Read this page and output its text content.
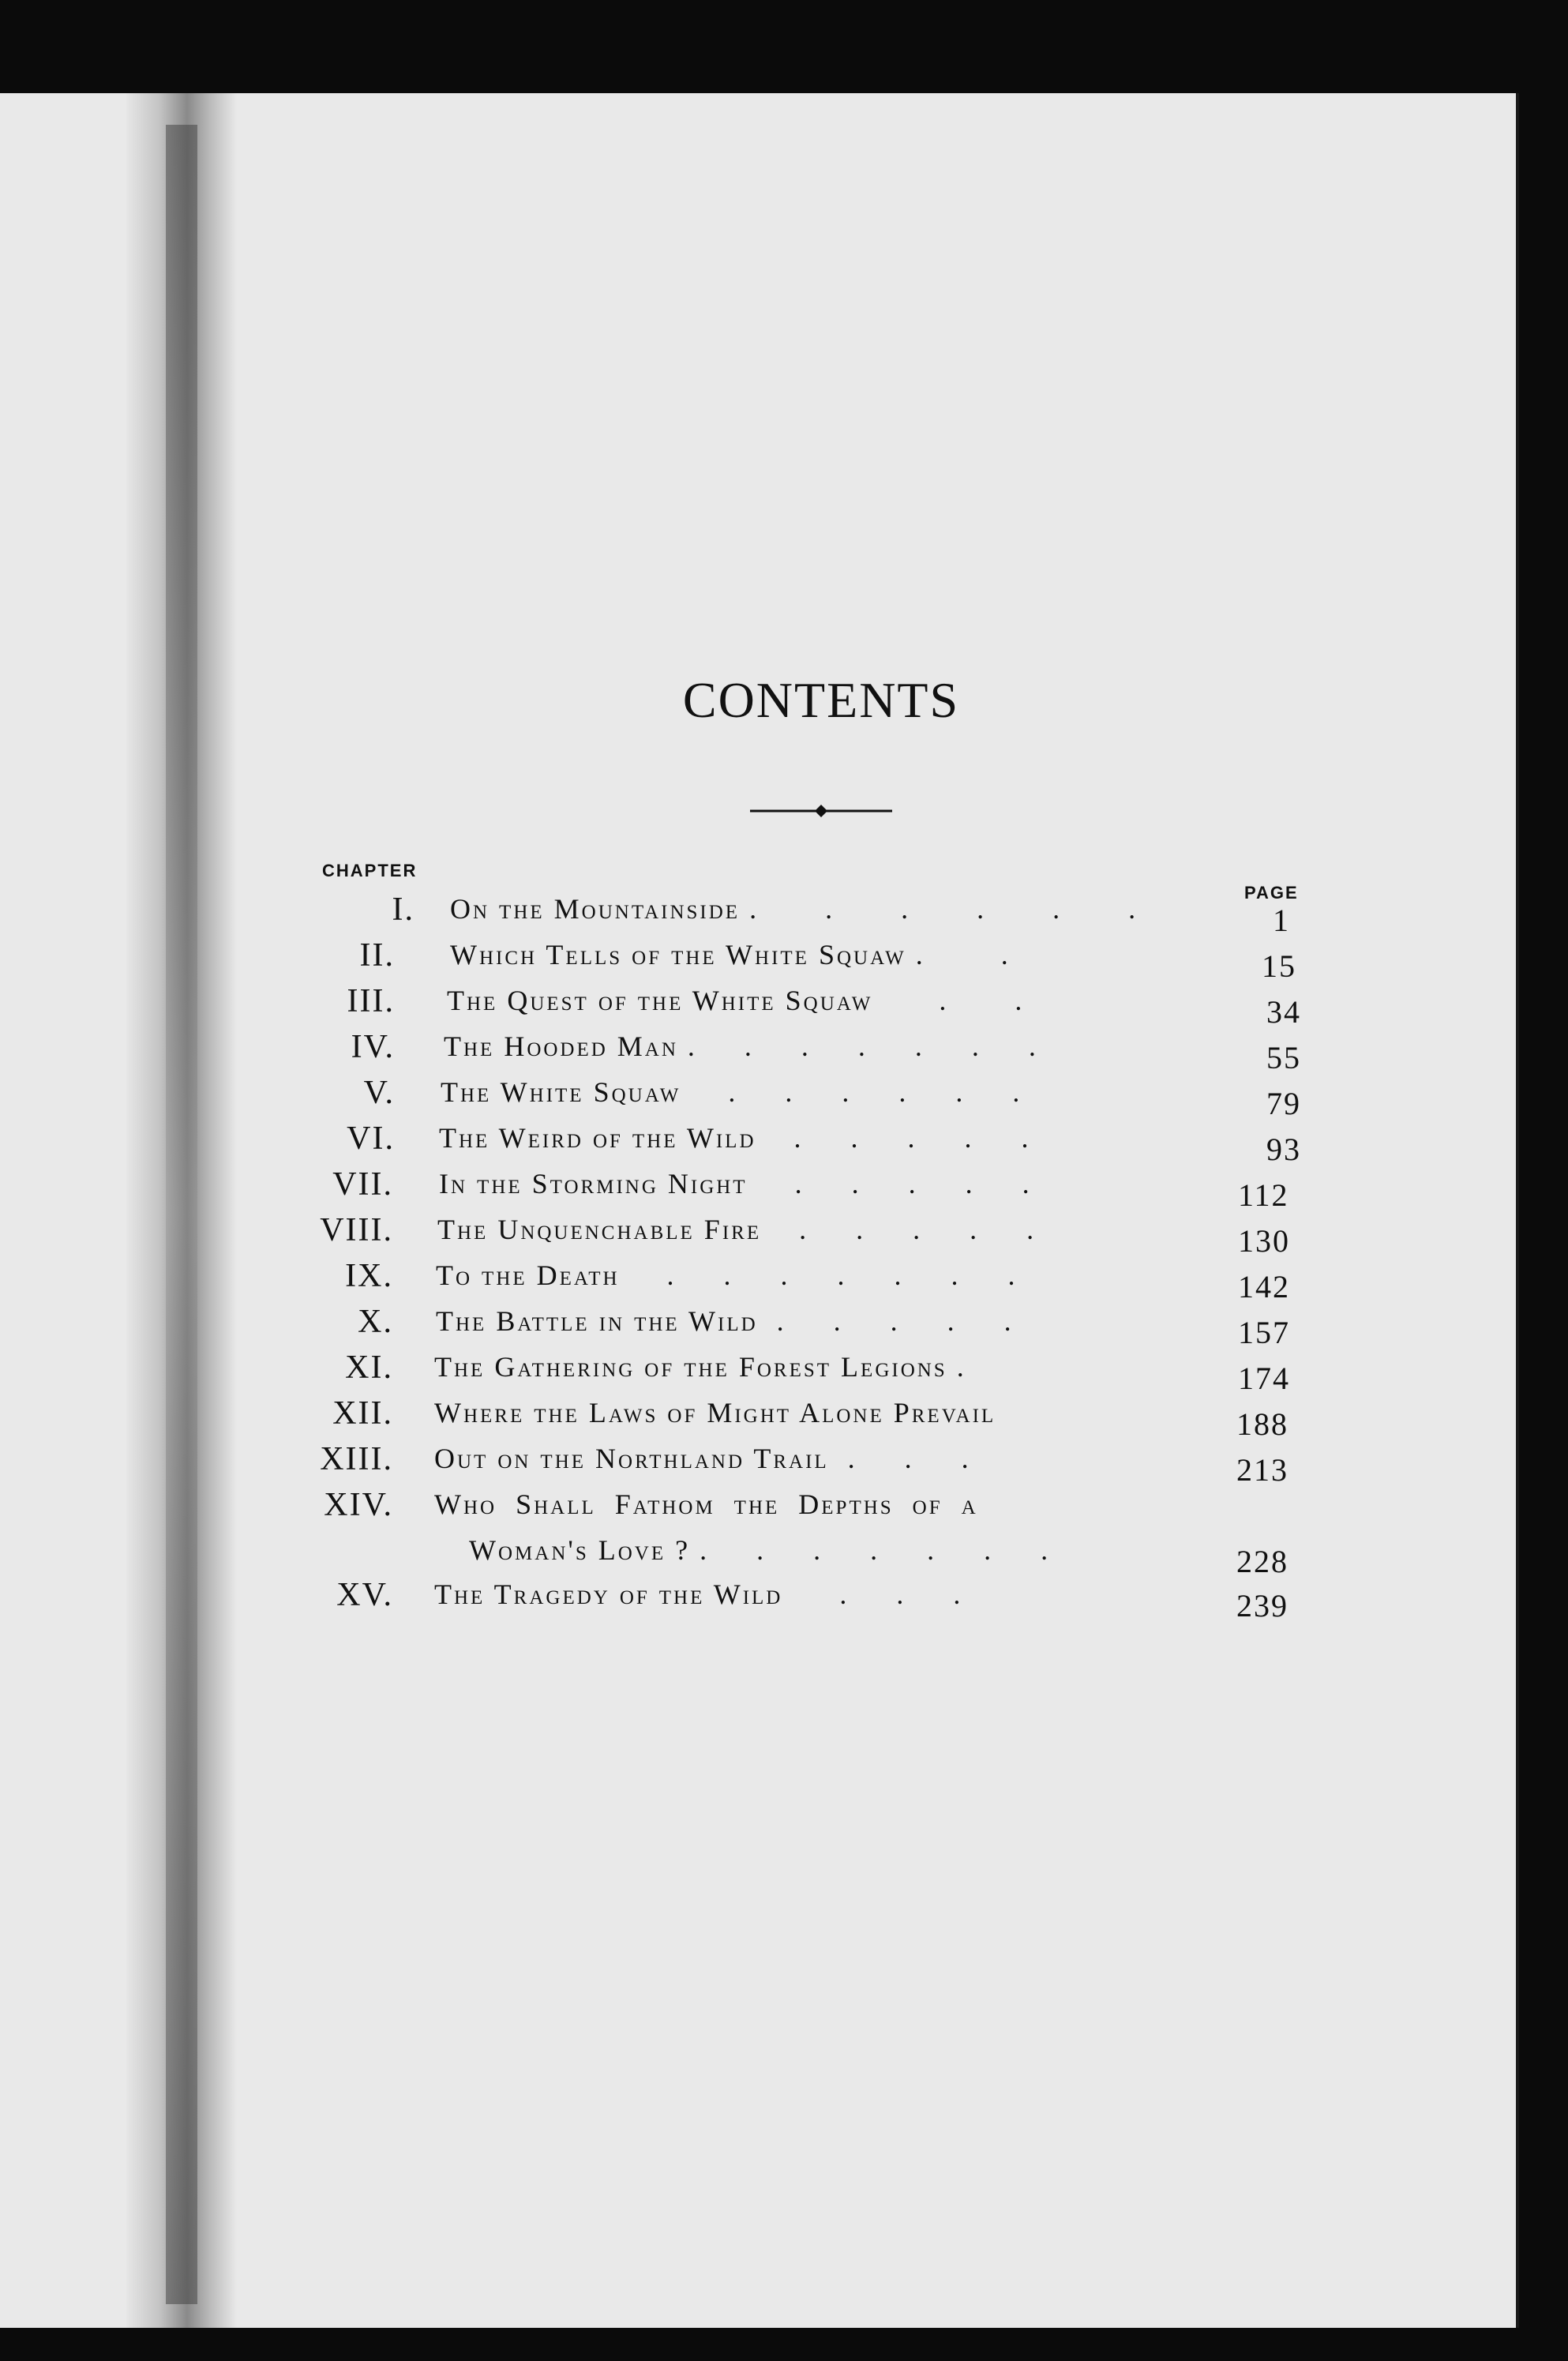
CONTENTS
CHAPTER
PAGE
I. On the Mountainside .       .       .       .       .       .	1
II. Which Tells of the White Squaw .        .	15
III. The Quest of the White Squaw       .       .	34
IV. The Hooded Man .     .     .     .     .     .     .	55
V. The White Squaw     .     .     .     .     .     .	79
VI. The Weird of the Wild    .     .     .     .     .	93
VII. In the Storming Night     .     .     .     .     .	112
VIII. The Unquenchable Fire    .     .     .     .     .	130
IX. To the Death     .     .     .     .     .     .     .	142
X. The Battle in the Wild  .     .     .     .     .	157
XI. The Gathering of the Forest Legions .	174
XII. Where the Laws of Might Alone Prevail	188
XIII. Out on the Northland Trail  .     .     .	213
XIV. Who  Shall  Fathom  the  Depths  of  a
Woman's Love ? .     .     .     .     .     .     .	228
XV. The Tragedy of the Wild      .     .     .	239
